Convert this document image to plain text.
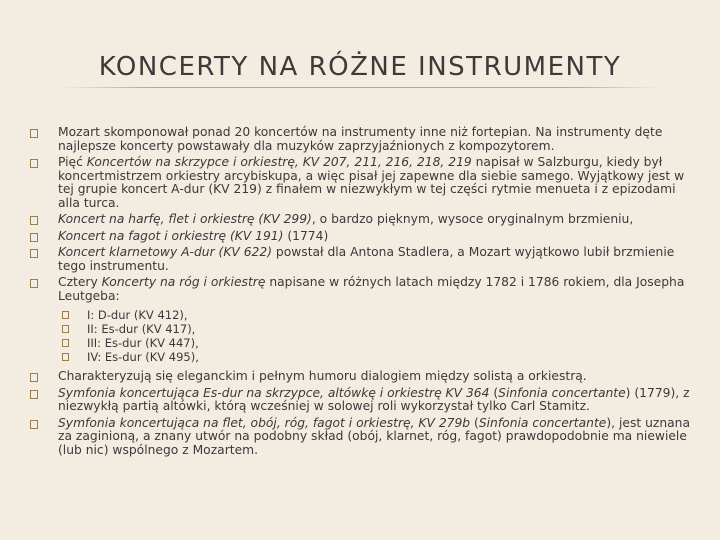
KONCERTY NA RÓŻNE INSTRUMENTY
Mozart skomponował ponad 20 koncertów na instrumenty inne niż fortepian. Na instrumenty dęte najlepsze koncerty powstawały dla muzyków zaprzyjaźnionych z kompozytorem.
Pięć Koncertów na skrzypce i orkiestrę, KV 207, 211, 216, 218, 219 napisał w Salzburgu, kiedy był koncertmistrzem orkiestry arcybiskupa, a więc pisał jej zapewne dla siebie samego. Wyjątkowy jest w tej grupie koncert A-dur (KV 219) z finałem w niezwykłym w tej części rytmie menueta i z epizodami alla turca.
Koncert na harfę, flet i orkiestrę (KV 299), o bardzo pięknym, wysoce oryginalnym brzmieniu,
Koncert na fagot i orkiestrę (KV 191) (1774)
Koncert klarnetowy A-dur (KV 622) powstał dla Antona Stadlera, a Mozart wyjątkowo lubił brzmienie tego instrumentu.
Cztery Koncerty na róg i orkiestrę napisane w różnych latach między 1782 i 1786 rokiem, dla Josepha Leutgeba:
I: D-dur (KV 412),
II: Es-dur (KV 417),
III: Es-dur (KV 447),
IV: Es-dur (KV 495),
Charakteryzują się eleganckim i pełnym humoru dialogiem między solistą a orkiestrą.
Symfonia koncertująca Es-dur na skrzypce, altówkę i orkiestrę KV 364 (Sinfonia concertante) (1779), z niezwykłą partią altówki, którą wcześniej w solowej roli wykorzystał tylko Carl Stamitz.
Symfonia koncertująca na flet, obój, róg, fagot i orkiestrę, KV 279b (Sinfonia concertante), jest uznana za zaginioną, a znany utwór na podobny skład (obój, klarnet, róg, fagot) prawdopodobnie ma niewiele (lub nic) wspólnego z Mozartem.
